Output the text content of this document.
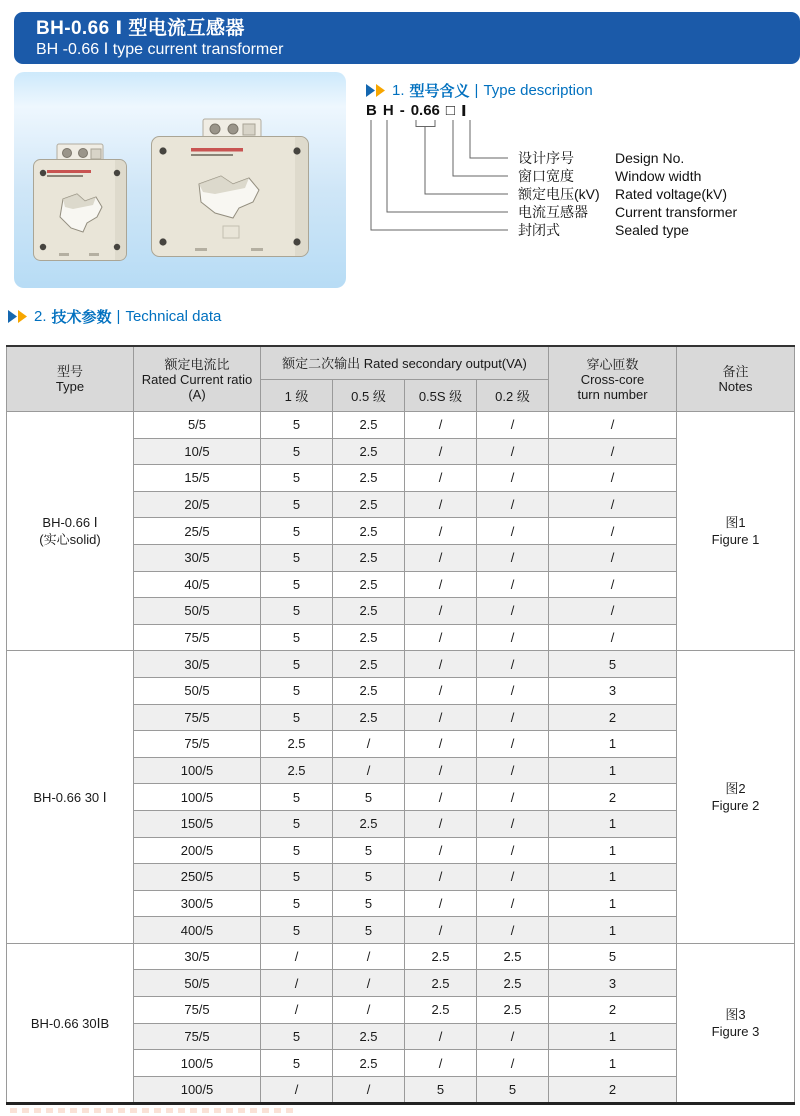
BH-0.66 Ⅰ 型电流互感器
BH -0.66 Ⅰ type current transformer
1. 型号含义 | Type description
B H - 0.66 □ Ⅰ
设计序号	Design No.
窗口宽度	Window width
额定电压(kV) Rated voltage(kV)
电流互感器 Current transformer
封闭式	Sealed type
2. 技术参数 | Technical data
型号
Type

额定电流比
Rated Current ratio
(A)

额定二次输出 Rated secondary output(VA)	穿心匝数
Cross-core
turn number

备注
Notes

		1 级	0.5 级	0.5S 级	0.2 级		

BH-0.66 Ⅰ
(实心solid)
	5/5	5	2.5	/	/	/	
图1
Figure 1

	10/5	5	2.5	/	/	/	
	15/5	5	2.5	/	/	/	
	20/5	5	2.5	/	/	/	
	25/5	5	2.5	/	/	/	
	30/5	5	2.5	/	/	/	
	40/5	5	2.5	/	/	/	
	50/5	5	2.5	/	/	/	
	75/5	5	2.5	/	/	/	

BH-0.66 30 Ⅰ	30/5	5	2.5	/	/	5	图2
Figure 2

	50/5	5	2.5	/	/	3	
	75/5	5	2.5	/	/	2	
	75/5	2.5	/	/	/	1	
	100/5	2.5	/	/	/	1	
	100/5	5	5	/	/	2	
	150/5	5	2.5	/	/	1	
	200/5	5	5	/	/	1	
	250/5	5	5	/	/	1	
	300/5	5	5	/	/	1	
	400/5	5	5	/	/	1	

BH-0.66 30ⅠB	30/5	/	/	2.5	2.5	5	图3
Figure 3

	50/5	/	/	2.5	2.5	3	
	75/5	/	/	2.5	2.5	2	
	75/5	5	2.5	/	/	1	
	100/5	5	2.5	/	/	1	
	100/5	/	/	5	5	2	
